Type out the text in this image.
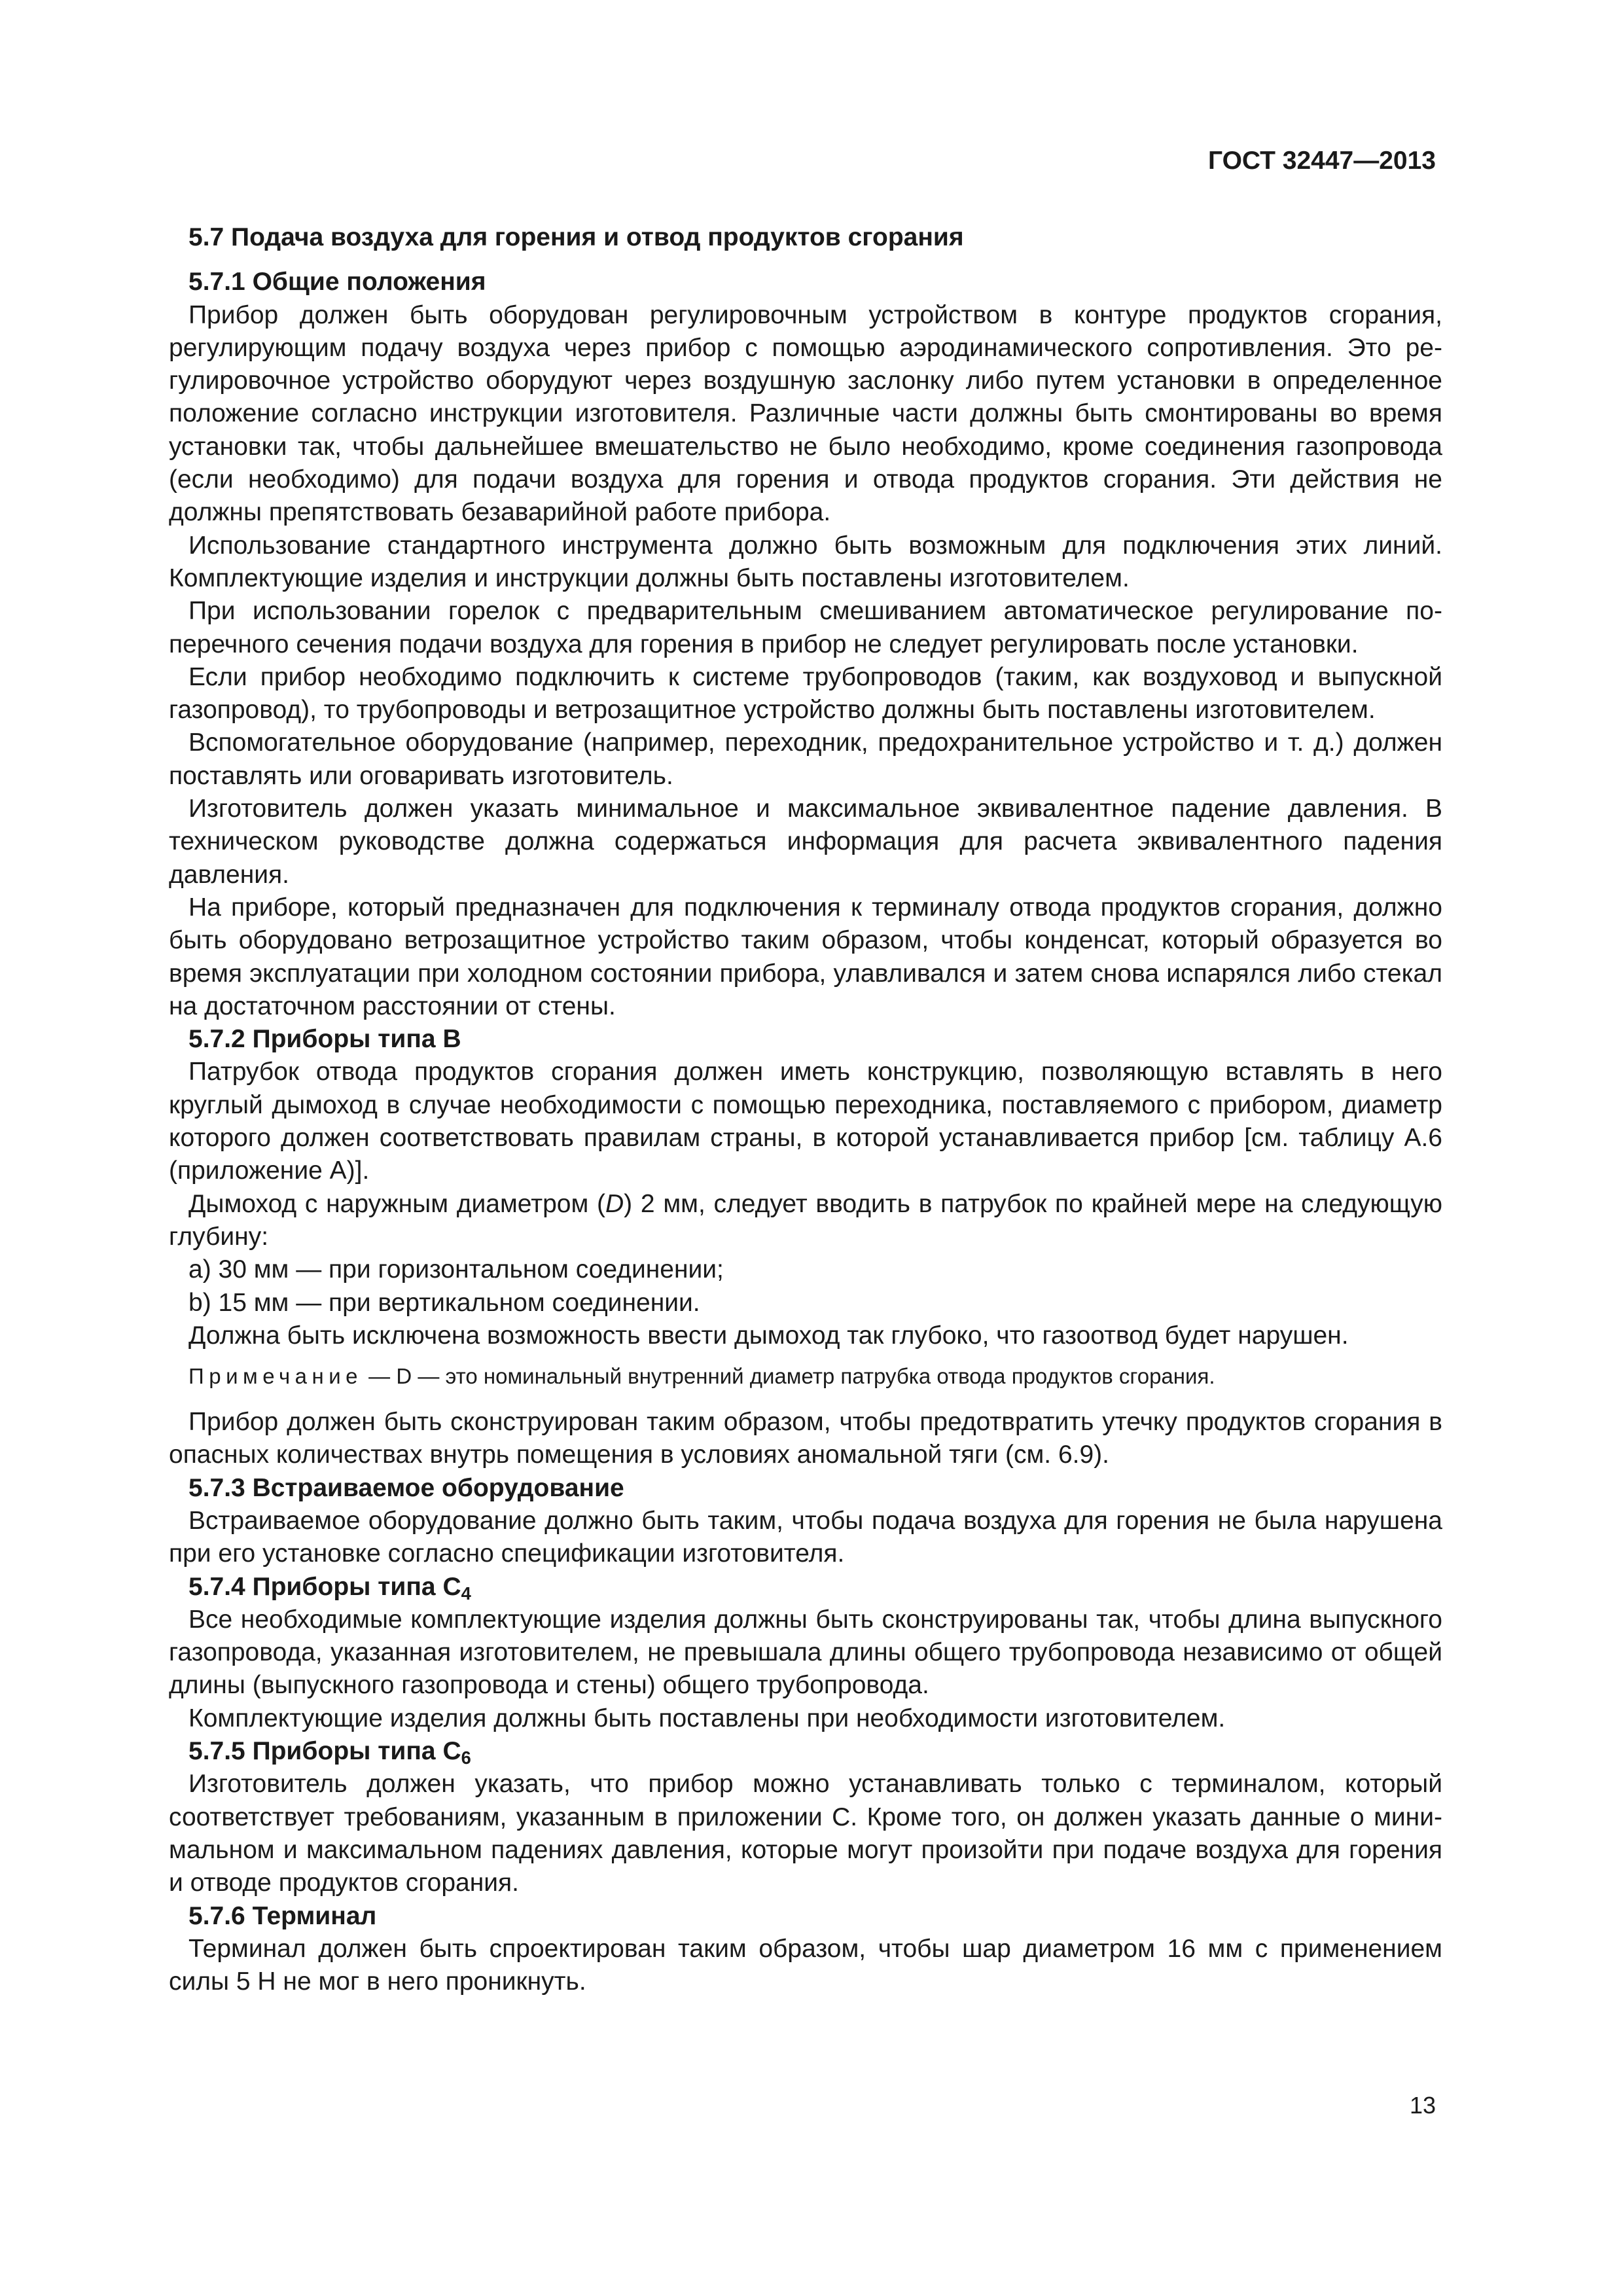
ГОСТ 32447—2013
5.7 Подача воздуха для горения и отвод продуктов сгорания
5.7.1 Общие положения
Прибор должен быть оборудован регулировочным устройством в контуре продуктов сгорания, регулирующим подачу воздуха через прибор с помощью аэродинамического сопротивления. Это регулировочное устройство оборудуют через воздушную заслонку либо путем установки в определенное положение согласно инструкции изготовителя. Различные части должны быть смонтированы во время установки так, чтобы дальнейшее вмешательство не было необходимо, кроме соединения газопровода (если необходимо) для подачи воздуха для горения и отвода продуктов сгорания. Эти действия не должны препятствовать безаварийной работе прибора.
Использование стандартного инструмента должно быть возможным для подключения этих линий. Комплектующие изделия и инструкции должны быть поставлены изготовителем.
При использовании горелок с предварительным смешиванием автоматическое регулирование поперечного сечения подачи воздуха для горения в прибор не следует регулировать после установки.
Если прибор необходимо подключить к системе трубопроводов (таким, как воздуховод и выпускной газопровод), то трубопроводы и ветрозащитное устройство должны быть поставлены изготовителем.
Вспомогательное оборудование (например, переходник, предохранительное устройство и т. д.) должен поставлять или оговаривать изготовитель.
Изготовитель должен указать минимальное и максимальное эквивалентное падение давления. В техническом руководстве должна содержаться информация для расчета эквивалентного падения давления.
На приборе, который предназначен для подключения к терминалу отвода продуктов сгорания, должно быть оборудовано ветрозащитное устройство таким образом, чтобы конденсат, который образуется во время эксплуатации при холодном состоянии прибора, улавливался и затем снова испарялся либо стекал на достаточном расстоянии от стены.
5.7.2 Приборы типа B
Патрубок отвода продуктов сгорания должен иметь конструкцию, позволяющую вставлять в него круглый дымоход в случае необходимости с помощью переходника, поставляемого с прибором, диаметр которого должен соответствовать правилам страны, в которой устанавливается прибор [см. таблицу А.6 (приложение А)].
Дымоход с наружным диаметром (D) 2 мм, следует вводить в патрубок по крайней мере на следующую глубину:
а) 30 мм — при горизонтальном соединении;
b) 15 мм — при вертикальном соединении.
Должна быть исключена возможность ввести дымоход так глубоко, что газоотвод будет нарушен.
Примечание — D — это номинальный внутренний диаметр патрубка отвода продуктов сгорания.
Прибор должен быть сконструирован таким образом, чтобы предотвратить утечку продуктов сгорания в опасных количествах внутрь помещения в условиях аномальной тяги (см. 6.9).
5.7.3 Встраиваемое оборудование
Встраиваемое оборудование должно быть таким, чтобы подача воздуха для горения не была нарушена при его установке согласно спецификации изготовителя.
5.7.4 Приборы типа $C_4$
Все необходимые комплектующие изделия должны быть сконструированы так, чтобы длина выпускного газопровода, указанная изготовителем, не превышала длины общего трубопровода независимо от общей длины (выпускного газопровода и стены) общего трубопровода.
Комплектующие изделия должны быть поставлены при необходимости изготовителем.
5.7.5 Приборы типа $C_6$
Изготовитель должен указать, что прибор можно устанавливать только с терминалом, который соответствует требованиям, указанным в приложении С. Кроме того, он должен указать данные о минимальном и максимальном падениях давления, которые могут произойти при подаче воздуха для горения и отводе продуктов сгорания.
5.7.6 Терминал
Терминал должен быть спроектирован таким образом, чтобы шар диаметром 16 мм с применением силы 5 Н не мог в него проникнуть.
13
